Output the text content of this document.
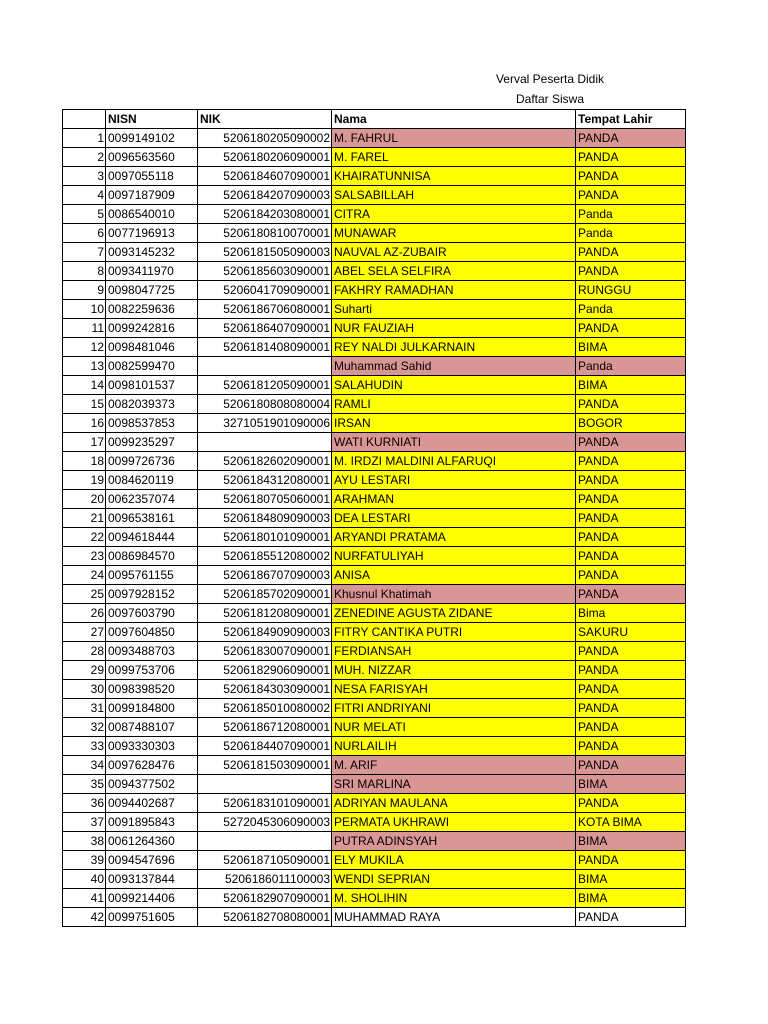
Verval Peserta Didik
Daftar Siswa
	NISN	NIK	Nama	Tempat Lahir
1	0099149102	5206180205090002	M. FAHRUL	PANDA
2	0096563560	5206180206090001	M. FAREL	PANDA
3	0097055118	5206184607090001	KHAIRATUNNISA	PANDA
4	0097187909	5206184207090003	SALSABILLAH	PANDA
5	0086540010	5206184203080001	CITRA	Panda
6	0077196913	5206180810070001	MUNAWAR	Panda
7	0093145232	5206181505090003	NAUVAL AZ-ZUBAIR	PANDA
8	0093411970	5206185603090001	ABEL SELA SELFIRA	PANDA
9	0098047725	5206041709090001	FAKHRY RAMADHAN	RUNGGU
10	0082259636	5206186706080001	Suharti	Panda
11	0099242816	5206186407090001	NUR FAUZIAH	PANDA
12	0098481046	5206181408090001	REY NALDI JULKARNAIN	BIMA
13	0082599470		Muhammad Sahid	Panda
14	0098101537	5206181205090001	SALAHUDIN	BIMA
15	0082039373	5206180808080004	RAMLI	PANDA
16	0098537853	3271051901090006	IRSAN	BOGOR
17	0099235297		WATI KURNIATI	PANDA
18	0099726736	5206182602090001	M. IRDZI MALDINI ALFARUQI	PANDA
19	0084620119	5206184312080001	AYU LESTARI	PANDA
20	0062357074	5206180705060001	ARAHMAN	PANDA
21	0096538161	5206184809090003	DEA LESTARI	PANDA
22	0094618444	5206180101090001	ARYANDI PRATAMA	PANDA
23	0086984570	5206185512080002	NURFATULIYAH	PANDA
24	0095761155	5206186707090003	ANISA	PANDA
25	0097928152	5206185702090001	Khusnul Khatimah	PANDA
26	0097603790	5206181208090001	ZENEDINE AGUSTA ZIDANE	Bima
27	0097604850	5206184909090003	FITRY CANTIKA PUTRI	SAKURU
28	0093488703	5206183007090001	FERDIANSAH	PANDA
29	0099753706	5206182906090001	MUH. NIZZAR	PANDA
30	0098398520	5206184303090001	NESA FARISYAH	PANDA
31	0099184800	5206185010080002	FITRI ANDRIYANI	PANDA
32	0087488107	5206186712080001	NUR MELATI	PANDA
33	0093330303	5206184407090001	NURLAILIH	PANDA
34	0097628476	5206181503090001	M. ARIF	PANDA
35	0094377502		SRI MARLINA	BIMA
36	0094402687	5206183101090001	ADRIYAN MAULANA	PANDA
37	0091895843	5272045306090003	PERMATA UKHRAWI	KOTA BIMA
38	0061264360		PUTRA ADINSYAH	BIMA
39	0094547696	5206187105090001	ELY MUKILA	PANDA
40	0093137844	5206186011100003	WENDI SEPRIAN	BIMA
41	0099214406	5206182907090001	M. SHOLIHIN	BIMA
42	0099751605	5206182708080001	MUHAMMAD RAYA	PANDA
